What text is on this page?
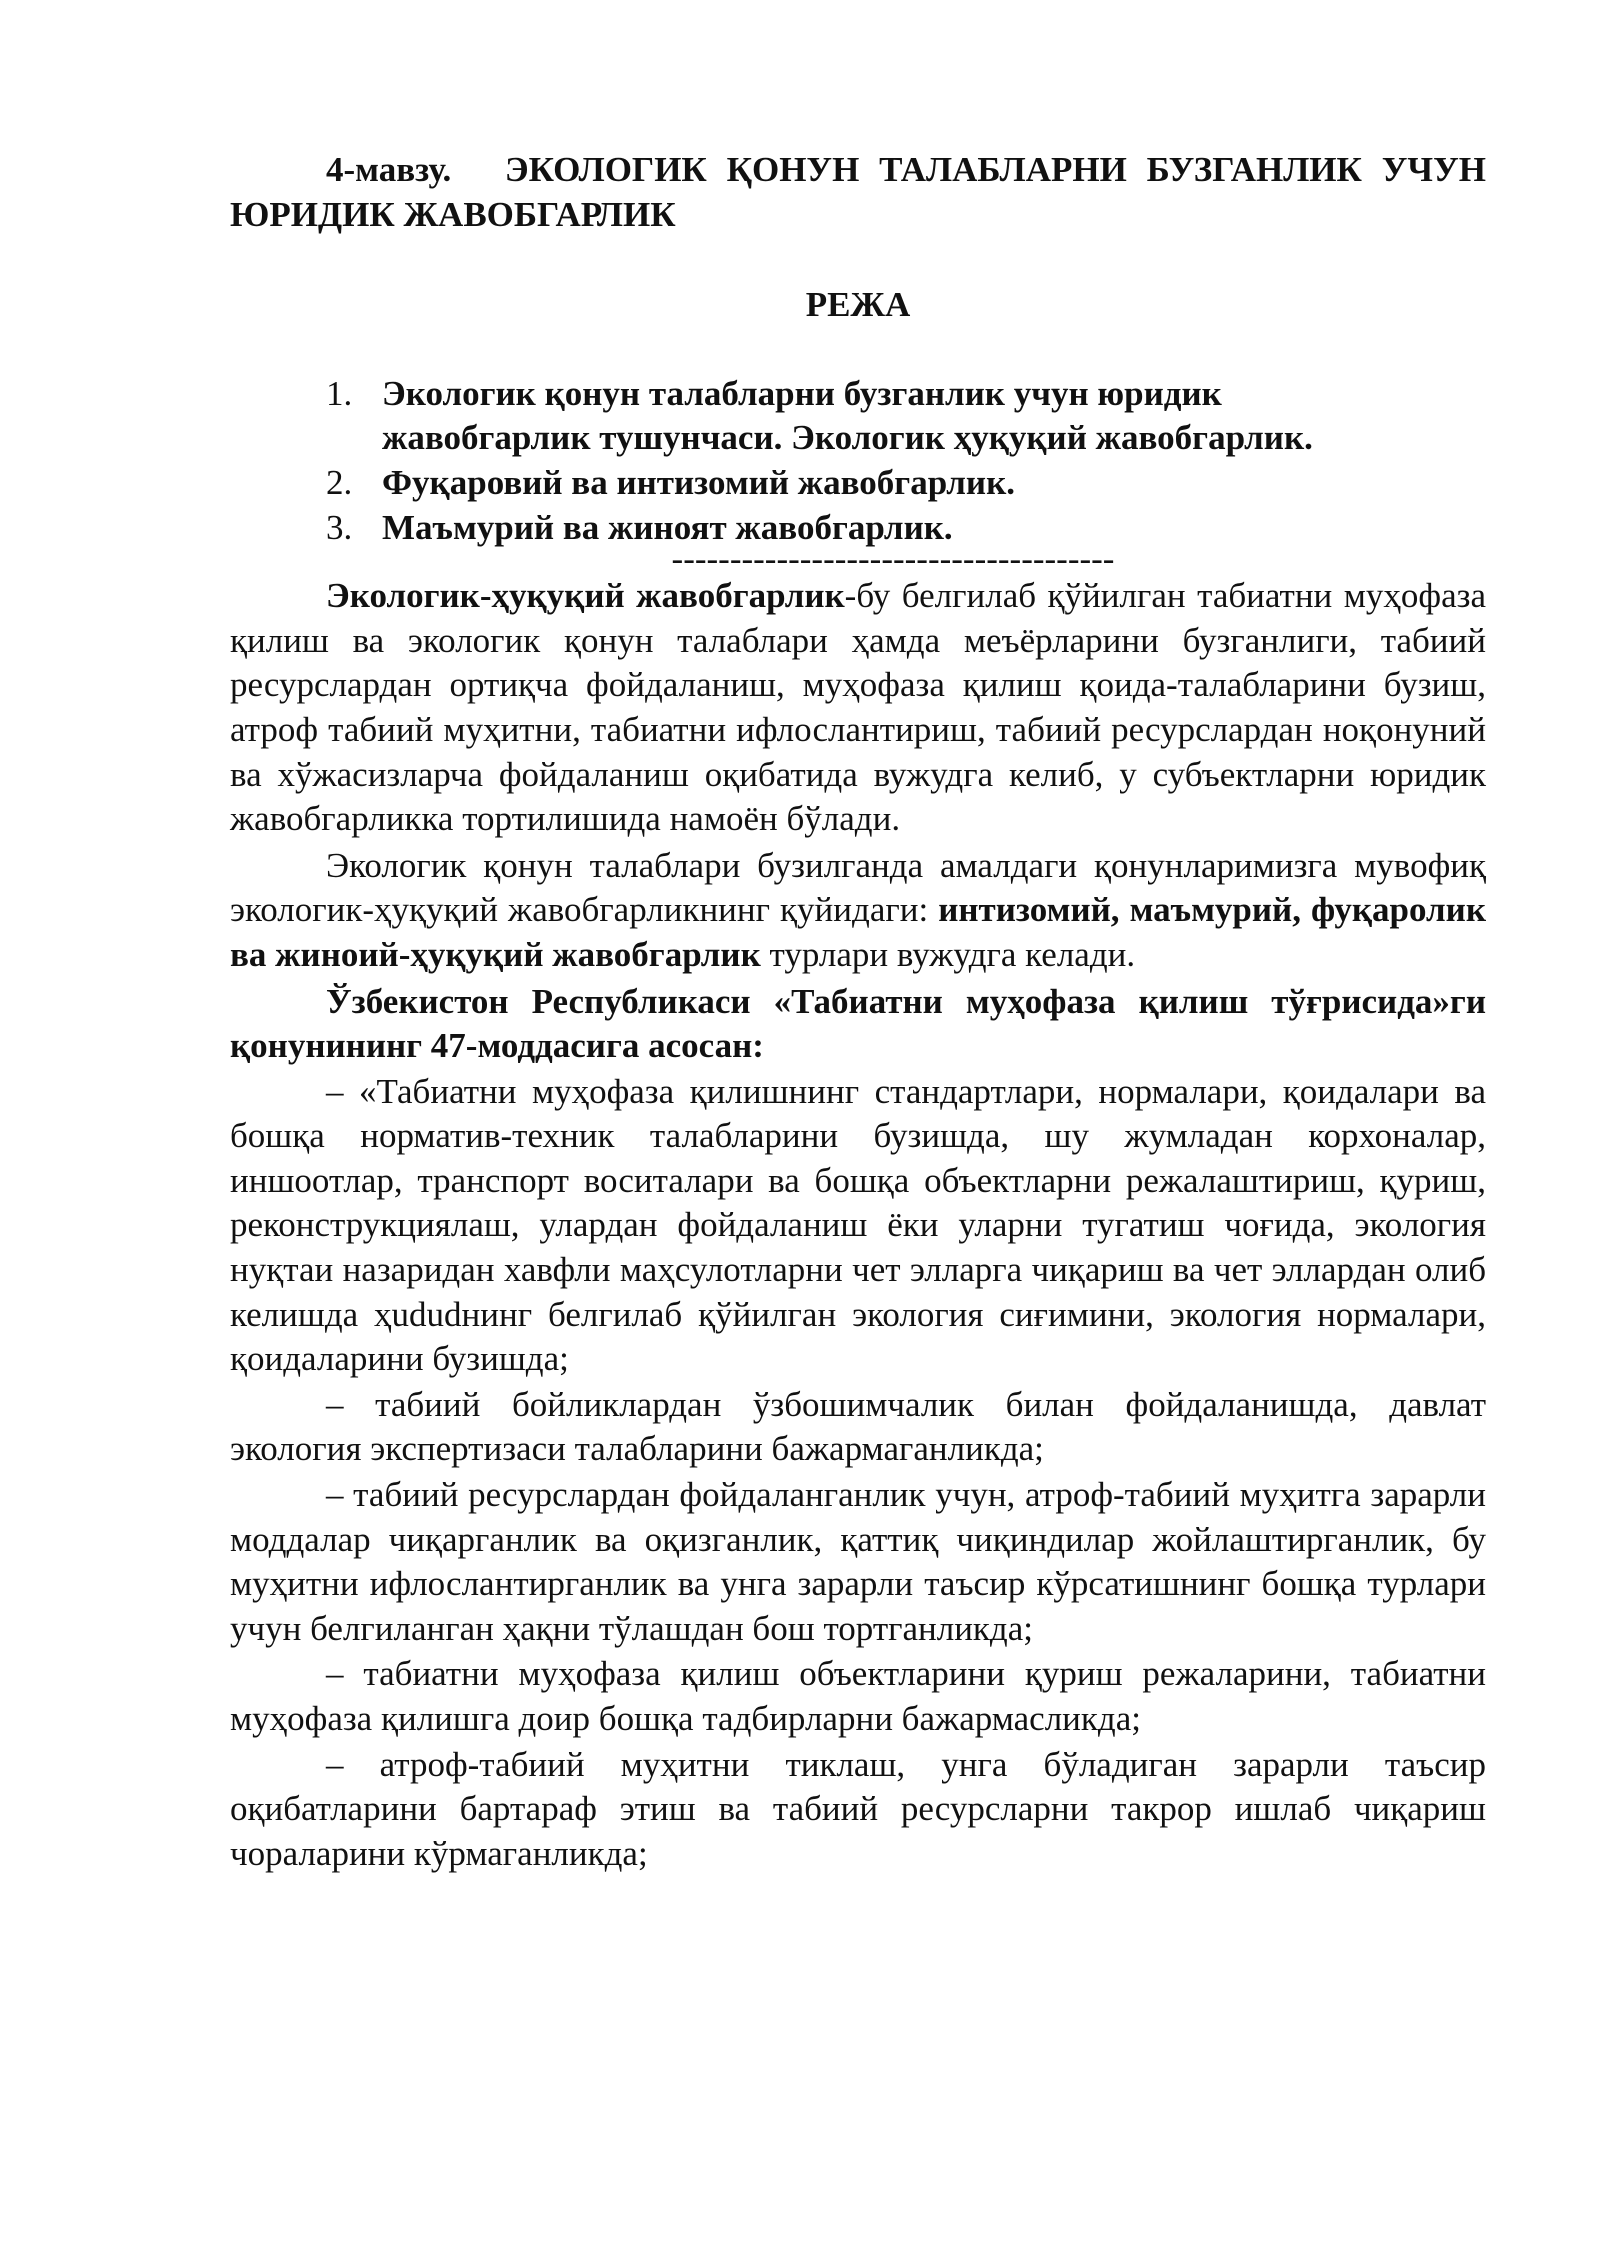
4-мавзу. ЭКОЛОГИК ҚОНУН ТАЛАБЛАРНИ БУЗГАНЛИК УЧУН ЮРИДИК ЖАВОБГАРЛИК
РЕЖА
1. Экологик қонун талабларни бузганлик учун юридик жавобгарлик тушунчаси. Экологик ҳуқуқий жавобгарлик.
2. Фуқаровий ва интизомий жавобгарлик.
3. Маъмурий ва жиноят жавобгарлик.
--------------------------------------

Экологик-ҳуқуқий жавобгарлик-бу белгилаб қўйилган табиатни муҳофаза қилиш ва экологик қонун талаблари ҳамда меъёрларини бузганлиги, табиий ресурслардан ортиқча фойдаланиш, муҳофаза қилиш қоида-талабларини бузиш, атроф табиий муҳитни, табиатни ифлослантириш, табиий ресурслардан ноқонуний ва хўжасизларча фойдаланиш оқибатида вужудга келиб, у субъектларни юридик жавобгарликка тортилишида намоён бўлади.

Экологик қонун талаблари бузилганда амалдаги қонунларимизга мувофиқ экологик-ҳуқуқий жавобгарликнинг қуйидаги: интизомий, маъмурий, фуқаролик ва жиноий-ҳуқуқий жавобгарлик турлари вужудга келади.

Ўзбекистон Республикаси «Табиатни муҳофаза қилиш тўғрисида»ги қонунининг 47-моддасига асосан:

– «Табиатни муҳофаза қилишнинг стандартлари, нормалари, қоидалари ва бошқа норматив-техник талабларини бузишда, шу жумладан корхоналар, иншоотлар, транспорт воситалари ва бошқа объектларни режалаштириш, қуриш, реконструкциялаш, улардан фойдаланиш ёки уларни тугатиш чоғида, экология нуқтаи назаридан хавфли маҳсулотларни чет элларга чиқариш ва чет эллардан олиб келишда ҳududнинг белгилаб қўйилган экология сиғимини, экология нормалари, қоидаларини бузишда;

– табиий бойликлардан ўзбошимчалик билан фойдаланишда, давлат экология экспертизаси талабларини бажармаганликда;

– табиий ресурслардан фойдаланганлик учун, атроф-табиий муҳитга зарарли моддалар чиқарганлик ва оқизганлик, қаттиқ чиқиндилар жойлаштирганлик, бу муҳитни ифлослантирганлик ва унга зарарли таъсир кўрсатишнинг бошқа турлари учун белгиланган ҳақни тўлашдан бош тортганликда;

– табиатни муҳофаза қилиш объектларини қуриш режаларини, табиатни муҳофаза қилишга доир бошқа тадбирларни бажармасликда;

– атроф-табиий муҳитни тиклаш, унга бўладиган зарарли таъсир оқибатларини бартараф этиш ва табиий ресурсларни такрор ишлаб чиқариш чораларини кўрмаганликда;
